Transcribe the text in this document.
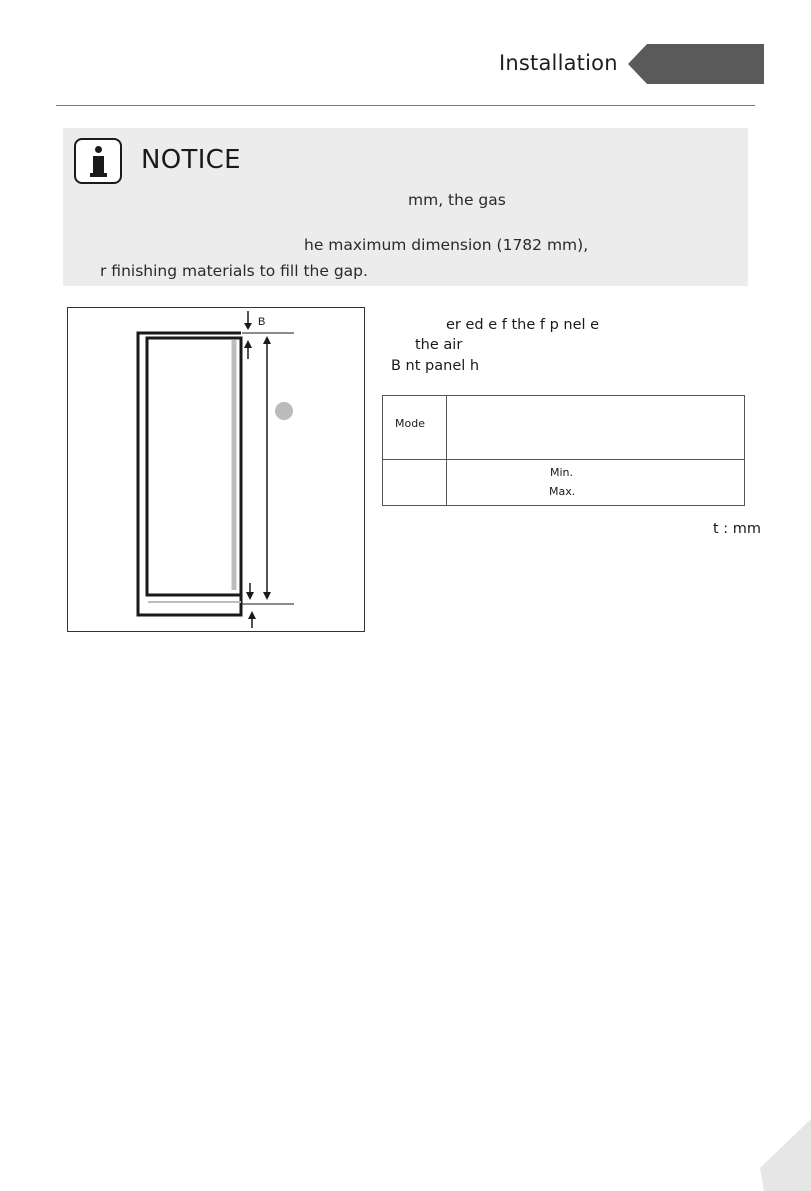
Installation
NOTICE
mm, the gas
he maximum dimension (1782 mm),
r finishing materials to fill the gap.
B	er ed e f the f p nel e
the air
B nt panel h
Mode
Min.
Max.
t : mm
